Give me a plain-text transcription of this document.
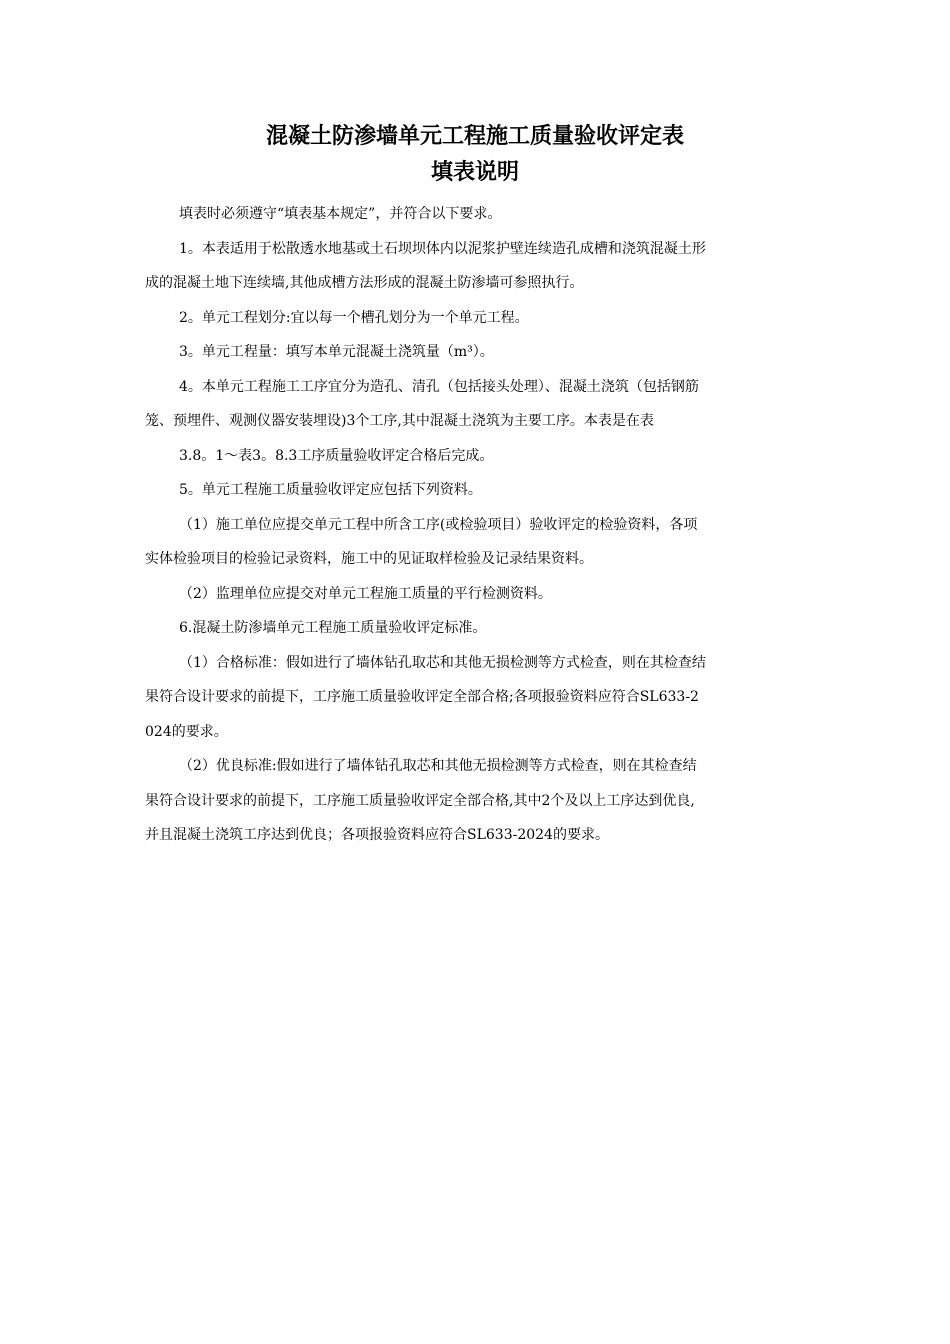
混凝土防渗墙单元工程施工质量验收评定表
填表说明

填表时必须遵守“填表基本规定”，并符合以下要求。

1。本表适用于松散透水地基或土石坝坝体内以泥浆护壁连续造孔成槽和浇筑混凝土形

成的混凝土地下连续墙,其他成槽方法形成的混凝土防渗墙可参照执行。

2。单元工程划分:宜以每一个槽孔划分为一个单元工程。

3。单元工程量：填写本单元混凝土浇筑量（m³）。

4。本单元工程施工工序宜分为造孔、清孔（包括接头处理）、混凝土浇筑（包括钢筋

笼、预埋件、观测仪器安装埋设)3个工序,其中混凝土浇筑为主要工序。本表是在表

3.8。1～表3。8.3工序质量验收评定合格后完成。

5。单元工程施工质量验收评定应包括下列资料。

（1）施工单位应提交单元工程中所含工序(或检验项目）验收评定的检验资料，各项

实体检验项目的检验记录资料，施工中的见证取样检验及记录结果资料。

（2）监理单位应提交对单元工程施工质量的平行检测资料。

6.混凝土防渗墙单元工程施工质量验收评定标准。

（1）合格标准：假如进行了墙体钻孔取芯和其他无损检测等方式检查，则在其检查结

果符合设计要求的前提下，工序施工质量验收评定全部合格;各项报验资料应符合SL633-2

024的要求。

（2）优良标准:假如进行了墙体钻孔取芯和其他无损检测等方式检查，则在其检查结

果符合设计要求的前提下，工序施工质量验收评定全部合格,其中2个及以上工序达到优良,

并且混凝土浇筑工序达到优良；各项报验资料应符合SL633-2024的要求。
